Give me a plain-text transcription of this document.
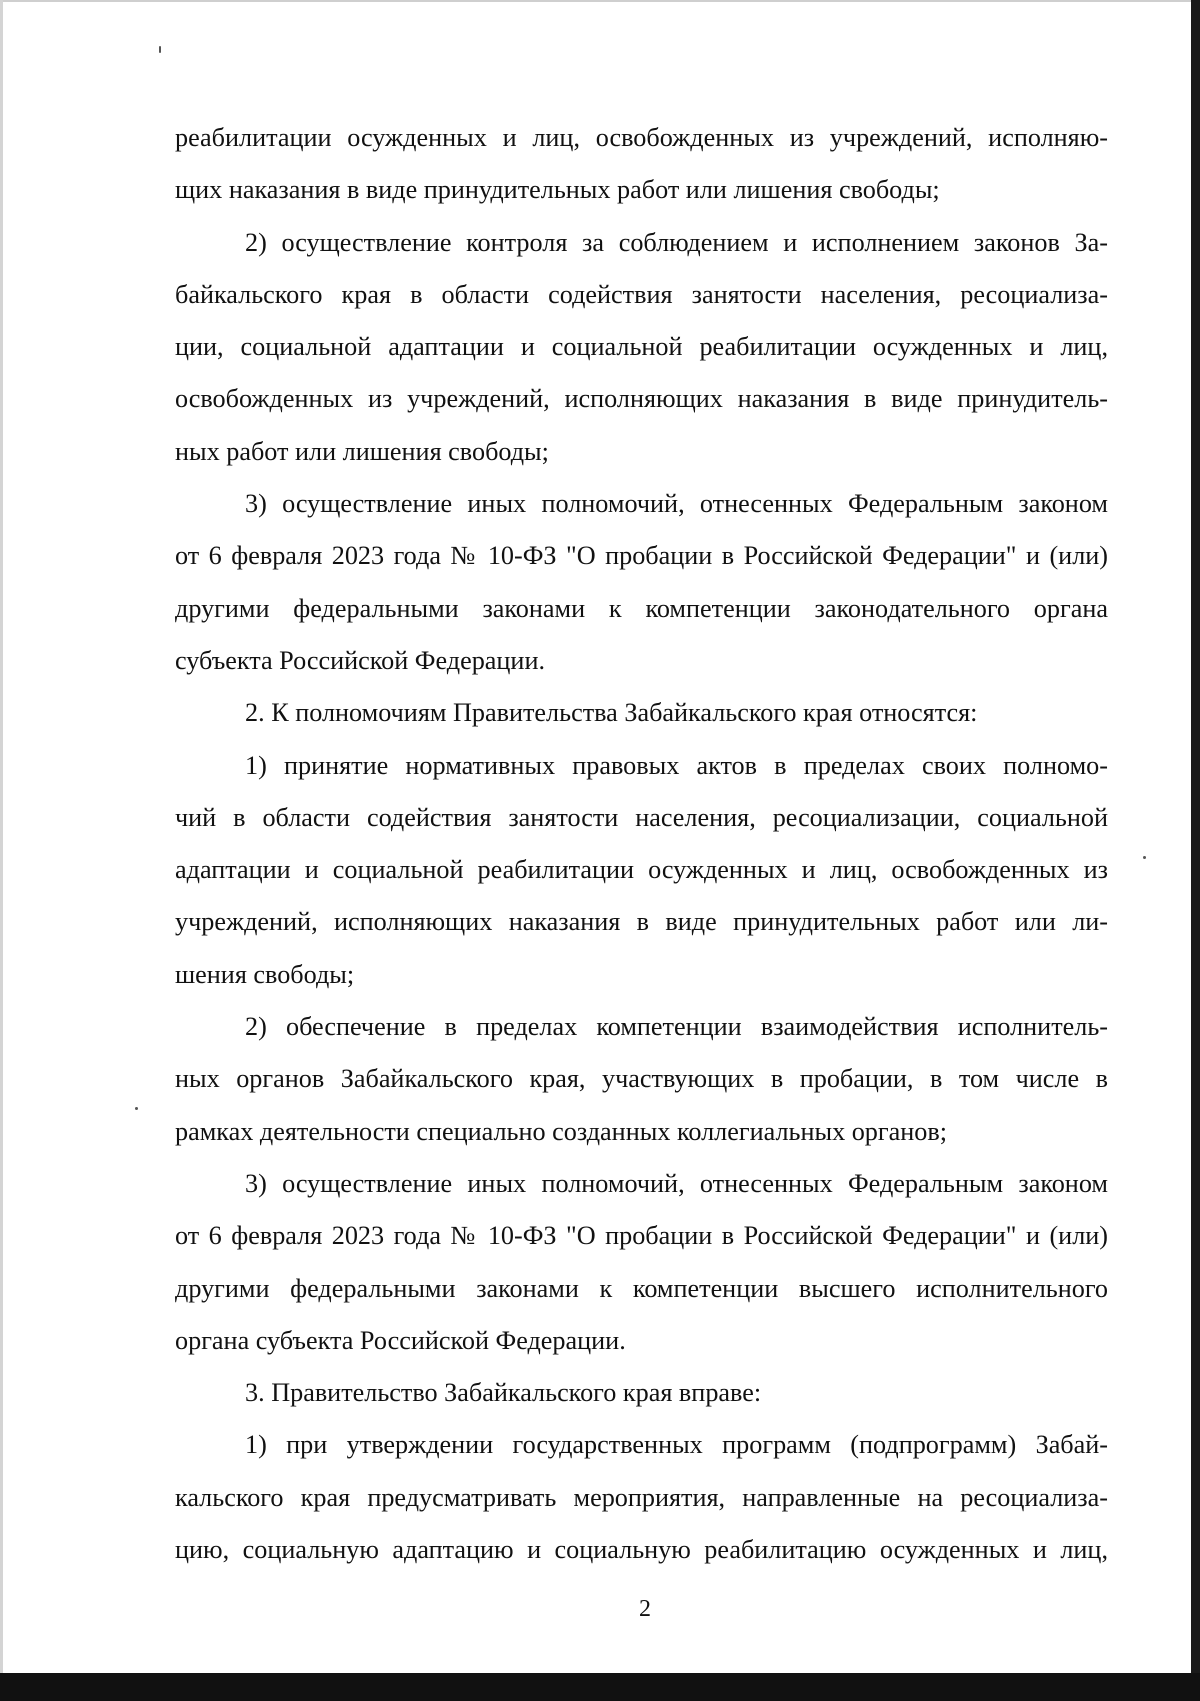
реабилитации осужденных и лиц, освобожденных из учреждений, исполняю-
щих наказания в виде принудительных работ или лишения свободы;
2) осуществление контроля за соблюдением и исполнением законов За-
байкальского края в области содействия занятости населения, ресоциализа-
ции, социальной адаптации и социальной реабилитации осужденных и лиц,
освобожденных из учреждений, исполняющих наказания в виде принудитель-
ных работ или лишения свободы;
3) осуществление иных полномочий, отнесенных Федеральным законом
от 6 февраля 2023 года № 10-ФЗ "О пробации в Российской Федерации" и (или)
другими федеральными законами к компетенции законодательного органа
субъекта Российской Федерации.
2. К полномочиям Правительства Забайкальского края относятся:
1) принятие нормативных правовых актов в пределах своих полномо-
чий в области содействия занятости населения, ресоциализации, социальной
адаптации и социальной реабилитации осужденных и лиц, освобожденных из
учреждений, исполняющих наказания в виде принудительных работ или ли-
шения свободы;
2) обеспечение в пределах компетенции взаимодействия исполнитель-
ных органов Забайкальского края, участвующих в пробации, в том числе в
рамках деятельности специально созданных коллегиальных органов;
3) осуществление иных полномочий, отнесенных Федеральным законом
от 6 февраля 2023 года № 10-ФЗ "О пробации в Российской Федерации" и (или)
другими федеральными законами к компетенции высшего исполнительного
органа субъекта Российской Федерации.
3. Правительство Забайкальского края вправе:
1) при утверждении государственных программ (подпрограмм) Забай-
кальского края предусматривать мероприятия, направленные на ресоциализа-
цию, социальную адаптацию и социальную реабилитацию осужденных и лиц,
2
